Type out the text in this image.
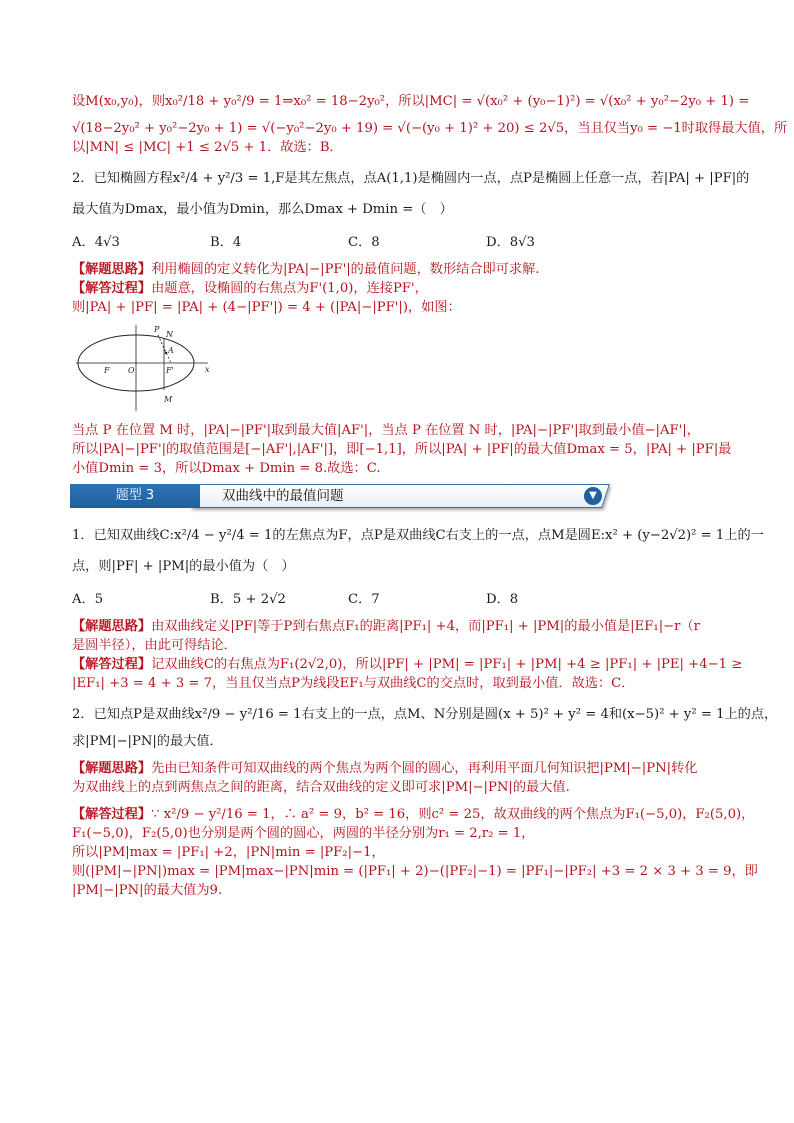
设M(x₀,y₀)，则x₀²/18 + y₀²/9 = 1⇒x₀² = 18−2y₀²，所以|MC| = √(x₀² + (y₀−1)²) = √(x₀² + y₀²−2y₀ + 1) =
√(18−2y₀² + y₀²−2y₀ + 1) = √(−y₀²−2y₀ + 19) = √(−(y₀ + 1)² + 20) ≤ 2√5，当且仅当y₀ = −1时取得最大值，所
以|MN| ≤ |MC| +1 ≤ 2√5 + 1．故选：B．
2．已知椭圆方程x²/4 + y²/3 = 1,F是其左焦点，点A(1,1)是椭圆内一点，点P是椭圆上任意一点，若|PA| + |PF|的
最大值为Dmax，最小值为Dmin，那么Dmax + Dmin =（　）
A．4√3	B．4	C．8	D．8√3
【解题思路】利用椭圆的定义转化为|PA|−|PF'|的最值问题，数形结合即可求解.
【解答过程】由题意，设椭圆的右焦点为F'(1,0)，连接PF'，
则|PA| + |PF| = |PA| + (4−|PF'|) = 4 + (|PA|−|PF'|)，如图：
P
N
A
F O	F'
M
x
当点 P 在位置 M 时，|PA|−|PF'|取到最大值|AF'|，当点 P 在位置 N 时，|PA|−|PF'|取到最小值−|AF'|，
所以|PA|−|PF'|的取值范围是[−|AF'|,|AF'|]，即[−1,1]，所以|PA| + |PF|的最大值Dmax = 5，|PA| + |PF|最
小值Dmin = 3，所以Dmax + Dmin = 8.故选：C.
题型 3	双曲线中的最值问题	▼
1．已知双曲线C:x²/4 − y²/4 = 1的左焦点为F，点P是双曲线C右支上的一点，点M是圆E:x² + (y−2√2)² = 1上的一
点，则|PF| + |PM|的最小值为（　）
A．5	B．5 + 2√2	C．7	D．8
【解题思路】由双曲线定义|PF|等于P到右焦点F₁的距离|PF₁| +4，而|PF₁| + |PM|的最小值是|EF₁|−r（r
是圆半径），由此可得结论．
【解答过程】记双曲线C的右焦点为F₁(2√2,0)，所以|PF| + |PM| = |PF₁| + |PM| +4 ≥ |PF₁| + |PE| +4−1 ≥
|EF₁| +3 = 4 + 3 = 7，当且仅当点P为线段EF₁与双曲线C的交点时，取到最小值．故选：C．
2．已知点P是双曲线x²/9 − y²/16 = 1右支上的一点，点M、N分别是圆(x + 5)² + y² = 4和(x−5)² + y² = 1上的点，
求|PM|−|PN|的最大值．
【解题思路】先由已知条件可知双曲线的两个焦点为两个圆的圆心，再利用平面几何知识把|PM|−|PN|转化
为双曲线上的点到两焦点之间的距离，结合双曲线的定义即可求|PM|−|PN|的最大值.
【解答过程】∵ x²/9 − y²/16 = 1，∴ a² = 9，b² = 16，则c² = 25，故双曲线的两个焦点为F₁(−5,0)，F₂(5,0)，
F₁(−5,0)，F₂(5,0)也分别是两个圆的圆心，两圆的半径分别为r₁ = 2,r₂ = 1，
所以|PM|max = |PF₁| +2，|PN|min = |PF₂|−1，
则(|PM|−|PN|)max = |PM|max−|PN|min = (|PF₁| + 2)−(|PF₂|−1) = |PF₁|−|PF₂| +3 = 2 × 3 + 3 = 9，即
|PM|−|PN|的最大值为9.
